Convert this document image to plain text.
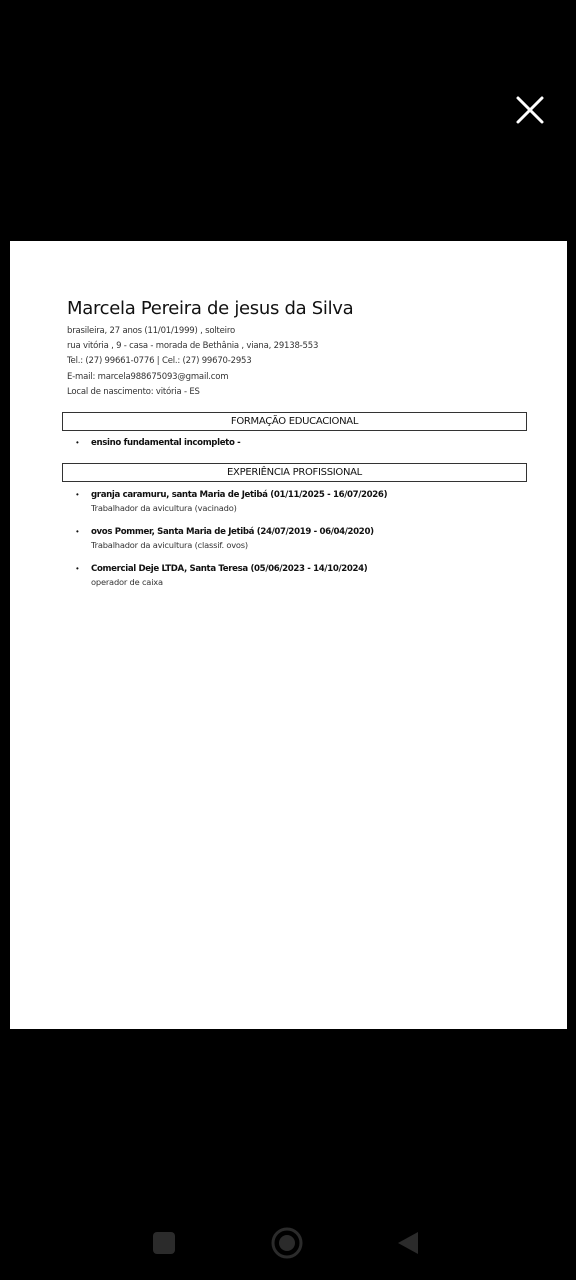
Marcela Pereira de jesus da Silva
brasileira, 27 anos (11/01/1999) , solteiro
rua vitória , 9 - casa - morada de Bethânia , viana, 29138-553
Tel.: (27) 99661-0776 | Cel.: (27) 99670-2953
E-mail: marcela988675093@gmail.com
Local de nascimento: vitória - ES
FORMAÇÃO EDUCACIONAL
• ensino fundamental incompleto -
EXPERIÊNCIA PROFISSIONAL
• granja caramuru, santa Maria de Jetibá (01/11/2025 - 16/07/2026)
Trabalhador da avicultura (vacinado)
• ovos Pommer, Santa Maria de Jetibá (24/07/2019 - 06/04/2020)
Trabalhador da avicultura (classif. ovos)
• Comercial Deje LTDA, Santa Teresa (05/06/2023 - 14/10/2024)
operador de caixa
